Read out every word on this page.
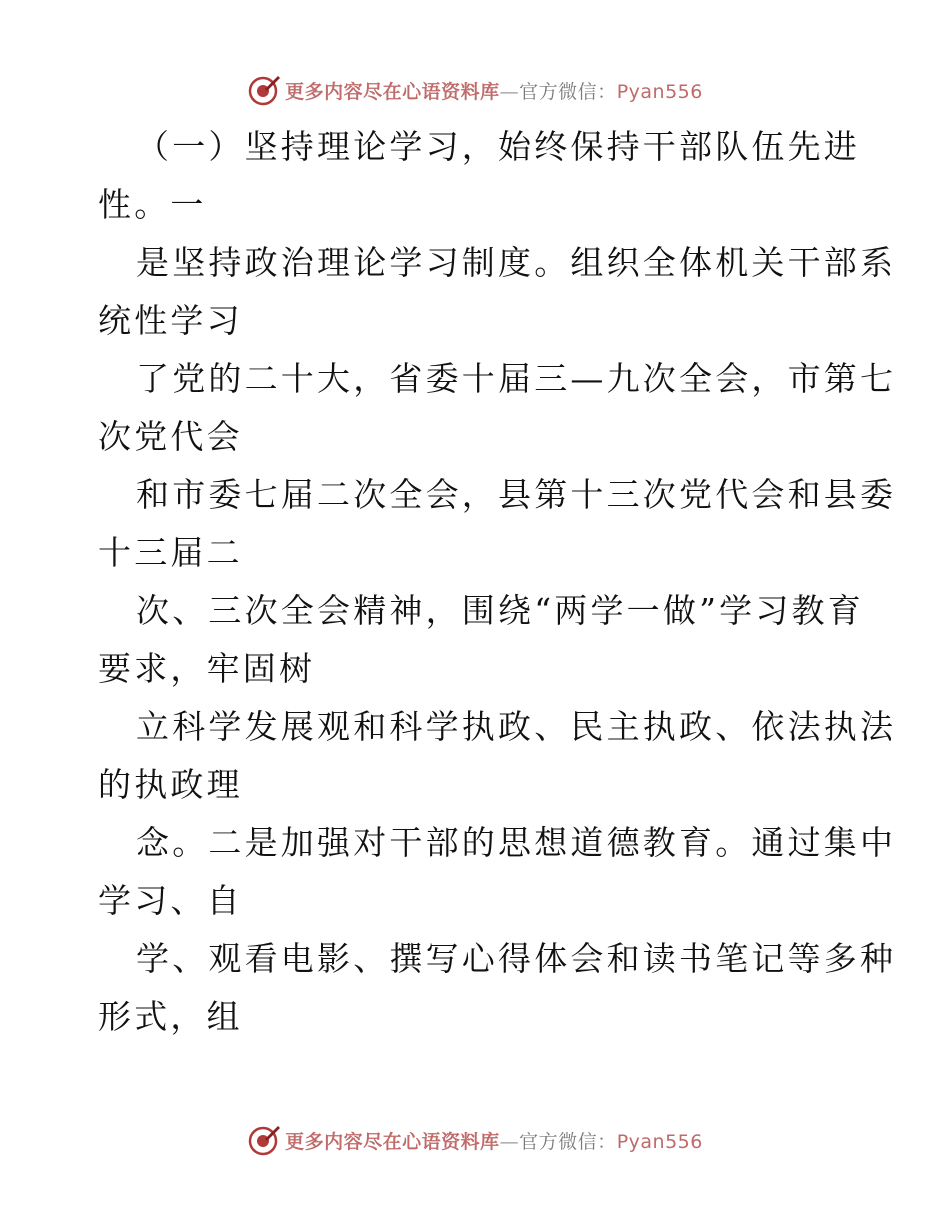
更多内容尽在心语资料库—官方微信：Pyan556

（一）坚持理论学习，始终保持干部队伍先进

性。一

是坚持政治理论学习制度。组织全体机关干部系

统性学习

了党的二十大，省委十届三—九次全会，市第七

次党代会

和市委七届二次全会，县第十三次党代会和县委

十三届二

次、三次全会精神，围绕“两学一做”学习教育

要求，牢固树

立科学发展观和科学执政、民主执政、依法执法

的执政理

念。二是加强对干部的思想道德教育。通过集中

学习、自

学、观看电影、撰写心得体会和读书笔记等多种

形式，组

更多内容尽在心语资料库—官方微信：Pyan556
